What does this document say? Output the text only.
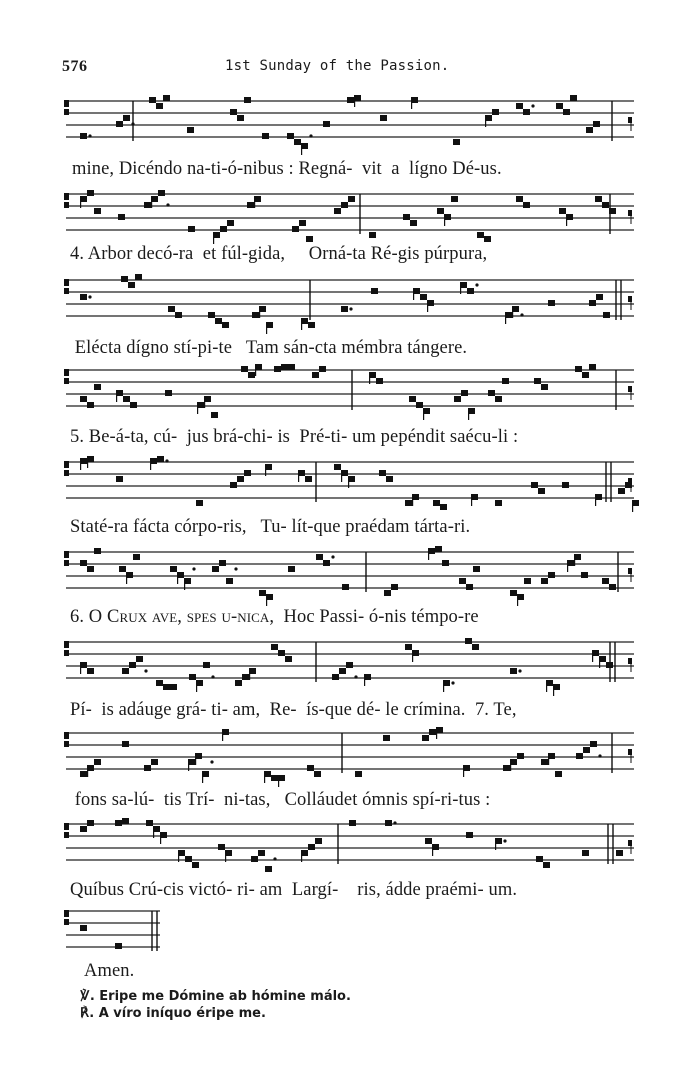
576	1st Sunday of the Passion.
mine, Dicéndo na-ti-ó-nibus : Regná-  vit  a  lígno Dé-us.
4. Arbor decó-ra  et fúl-gida,     Orná-ta Ré-gis púrpura,
Elécta dígno stí-pi-te   Tam sán-cta mémbra tángere.
5. Be-á-ta, cú-  jus brá-chi- is  Pré-ti- um pepéndit saécu-li :
Staté-ra fácta córpo-ris,   Tu- lít-que praédam tárta-ri.
6. O Crux ave, spes u-nica,  Hoc Passi- ó-nis témpo-re
Pí-  is adáuge grá- ti- am,  Re-  ís-que dé- le crímina.  7. Te,
fons sa-lú-  tis Trí-  ni-tas,   Colláudet ómnis spí-ri-tus :
Quíbus Crú-cis victó- ri- am  Largí-    ris, ádde praémi- um.
Amen.
℣. Eripe me Dómine ab hómine málo.
℟. A víro iníquo éripe me.
